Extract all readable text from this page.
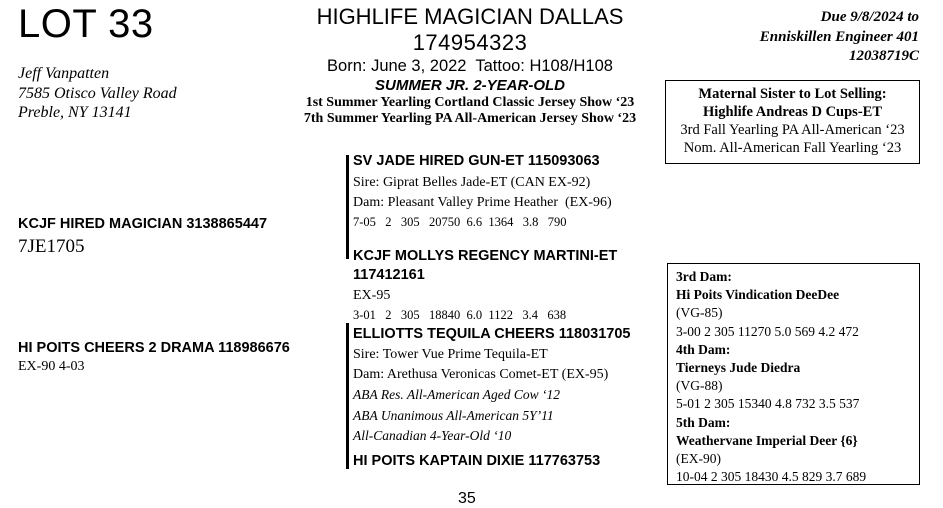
LOT 33
Jeff Vanpatten
7585 Otisco Valley Road
Preble, NY 13141
HIGHLIFE MAGICIAN DALLAS
174954323
Born: June 3, 2022  Tattoo: H108/H108
SUMMER JR. 2-YEAR-OLD
1st Summer Yearling Cortland Classic Jersey Show ‘23
7th Summer Yearling PA All-American Jersey Show ‘23
Due 9/8/2024 to
Enniskillen Engineer 401
12038719C
Maternal Sister to Lot Selling:
Highlife Andreas D Cups-ET
3rd Fall Yearling PA All-American ‘23
Nom. All-American Fall Yearling ‘23
KCJF HIRED MAGICIAN 3138865447
7JE1705
HI POITS CHEERS 2 DRAMA 118986676
EX-90 4-03
SV JADE HIRED GUN-ET 115093063
Sire: Giprat Belles Jade-ET (CAN EX-92)
Dam: Pleasant Valley Prime Heather  (EX-96)
7-05   2   305   20750  6.6  1364   3.8   790
KCJF MOLLYS REGENCY MARTINI-ET
117412161
EX-95
3-01   2   305   18840  6.0  1122   3.4   638
ELLIOTTS TEQUILA CHEERS 118031705
Sire: Tower Vue Prime Tequila-ET
Dam: Arethusa Veronicas Comet-ET (EX-95)
ABA Res. All-American Aged Cow ‘12
ABA Unanimous All-American 5Y’11
All-Canadian 4-Year-Old ‘10
HI POITS KAPTAIN DIXIE 117763753
3rd Dam:
Hi Poits Vindication DeeDee
(VG-85)
3-00 2 305 11270 5.0 569 4.2 472
4th Dam:
Tierneys Jude Diedra
(VG-88)
5-01 2 305 15340 4.8 732 3.5 537
5th Dam:
Weathervane Imperial Deer {6}
(EX-90)
10-04 2 305 18430 4.5 829 3.7 689
35
